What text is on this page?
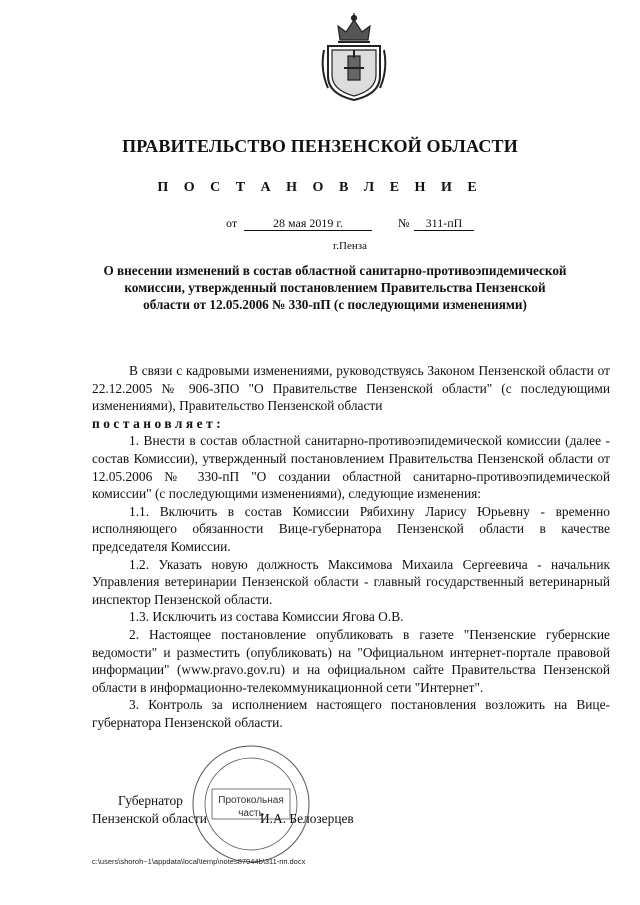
ПРАВИТЕЛЬСТВО ПЕНЗЕНСКОЙ ОБЛАСТИ
П О С Т А Н О В Л Е Н И Е
от	28 мая 2019 г.	№	311-пП
г.Пенза
О внесении изменений в состав областной санитарно-противоэпидемической комиссии, утвержденный постановлением Правительства Пензенской области от 12.05.2006 № 330-пП (с последующими изменениями)

В связи с кадровыми изменениями, руководствуясь Законом Пензенской области от 22.12.2005 № 906-ЗПО "О Правительстве Пензенской области" (с последующими изменениями), Правительство Пензенской области

постановляет:

1. Внести в состав областной санитарно-противоэпидемической комиссии (далее - состав Комиссии), утвержденный постановлением Правительства Пензенской области от 12.05.2006 № 330-пП "О создании областной санитарно-противоэпидемической комиссии" (с последующими изменениями), следующие изменения:

1.1. Включить в состав Комиссии Рябихину Ларису Юрьевну - временно исполняющего обязанности Вице-губернатора Пензенской области в качестве председателя Комиссии.

1.2. Указать новую должность Максимова Михаила Сергеевича - начальник Управления ветеринарии Пензенской области - главный государственный ветеринарный инспектор Пензенской области.

1.3. Исключить из состава Комиссии Ягова О.В.

2. Настоящее постановление опубликовать в газете "Пензенские губернские ведомости" и разместить (опубликовать) на "Официальном интернет-портале правовой информации" (www.pravo.gov.ru) и на официальном сайте Правительства Пензенской области в информационно-телекоммуникационной сети "Интернет".

3. Контроль за исполнением настоящего постановления возложить на Вице-губернатора Пензенской области.

Протокольная
часть
Губернатор
Пензенской области	И.А. Белозерцев
c:\users\shoroh~1\appdata\local\temp\notes87944b\311-пп.docx
